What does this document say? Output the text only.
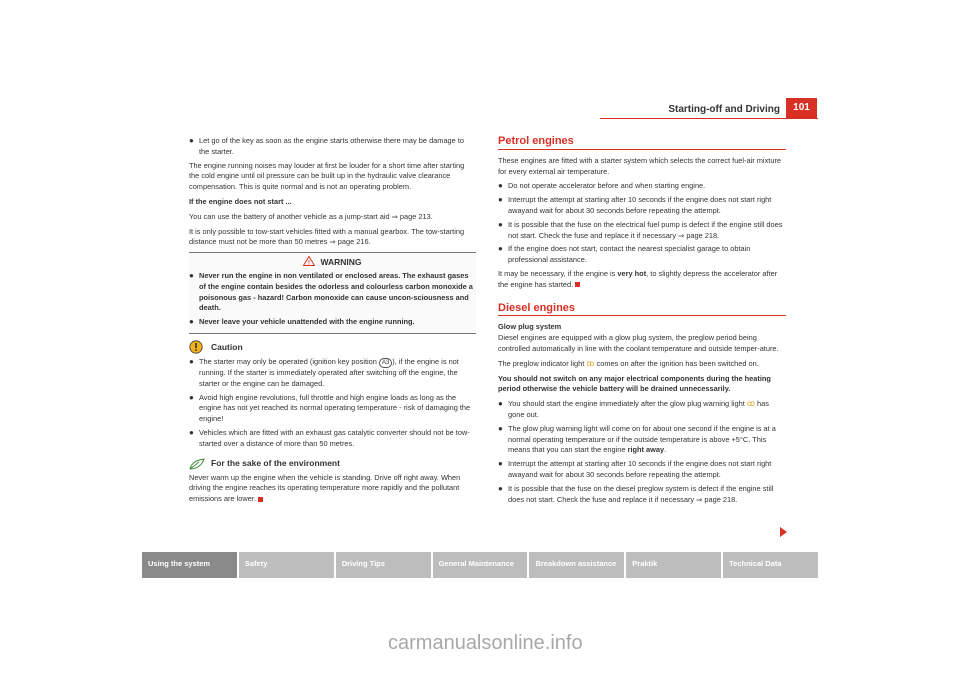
Starting-off and Driving	101
● Let go of the key as soon as the engine starts otherwise there may be damage to the starter.

The engine running noises may louder at first be louder for a short time after starting the cold engine until oil pressure can be built up in the hydraulic valve clearance compensation. This is quite normal and is not an operating problem.

If the engine does not start ...

You can use the battery of another vehicle as a jump-start aid ⇒ page 213.

It is only possible to tow-start vehicles fitted with a manual gearbox. The tow-starting distance must not be more than 50 metres ⇒ page 216.

! WARNING
● Never run the engine in non ventilated or enclosed areas. The exhaust gases of the engine contain besides the odorless and colourless carbon monoxide a poisonous gas - hazard! Carbon monoxide can cause uncon-sciousness and death.
● Never leave your vehicle unattended with the engine running.
Caution
● The starter may only be operated (ignition key position A3 ), if the engine is not running. If the starter is immediately operated after switching off the engine, the starter or the engine can be damaged.
● Avoid high engine revolutions, full throttle and high engine loads as long as the engine has not yet reached its normal operating temperature - risk of damaging the engine!
● Vehicles which are fitted with an exhaust gas catalytic converter should not be tow-started over a distance of more than 50 metres.
For the sake of the environment

Never warm up the engine when the vehicle is standing. Drive off right away. When driving the engine reaches its operating temperature more rapidly and the pollutant emissions are lower.

Petrol engines

These engines are fitted with a starter system which selects the correct fuel-air mixture for every external air temperature.

● Do not operate accelerator before and when starting engine.
● Interrupt the attempt at starting after 10 seconds if the engine does not start right awayand wait for about 30 seconds before repeating the attempt.
● It is possible that the fuse on the electrical fuel pump is defect if the engine still does not start. Check the fuse and replace it if necessary ⇒ page 218.
● If the engine does not start, contact the nearest specialist garage to obtain professional assistance.

It may be necessary, if the engine is very hot, to slightly depress the accelerator after the engine has started.

Diesel engines

Glow plug system

Diesel engines are equipped with a glow plug system, the preglow period being controlled automatically in line with the coolant temperature and outside temper-ature.

The preglow indicator light ꝏ comes on after the ignition has been switched on.

You should not switch on any major electrical components during the heating period otherwise the vehicle battery will be drained unnecessarily.

● You should start the engine immediately after the glow plug warning light ꝏ has gone out.
● The glow plug warning light will come on for about one second if the engine is at a normal operating temperature or if the outside temperature is above +5°C. This means that you can start the engine right away.
● Interrupt the attempt at starting after 10 seconds if the engine does not start right awayand wait for about 30 seconds before repeating the attempt.
● It is possible that the fuse on the diesel preglow system is defect if the engine still does not start. Check the fuse and replace it if necessary ⇒ page 218.
Using the system	Safety	Driving Tips	General Maintenance	Breakdown assistance	Praktik	Technical Data
carmanualsonline.info
